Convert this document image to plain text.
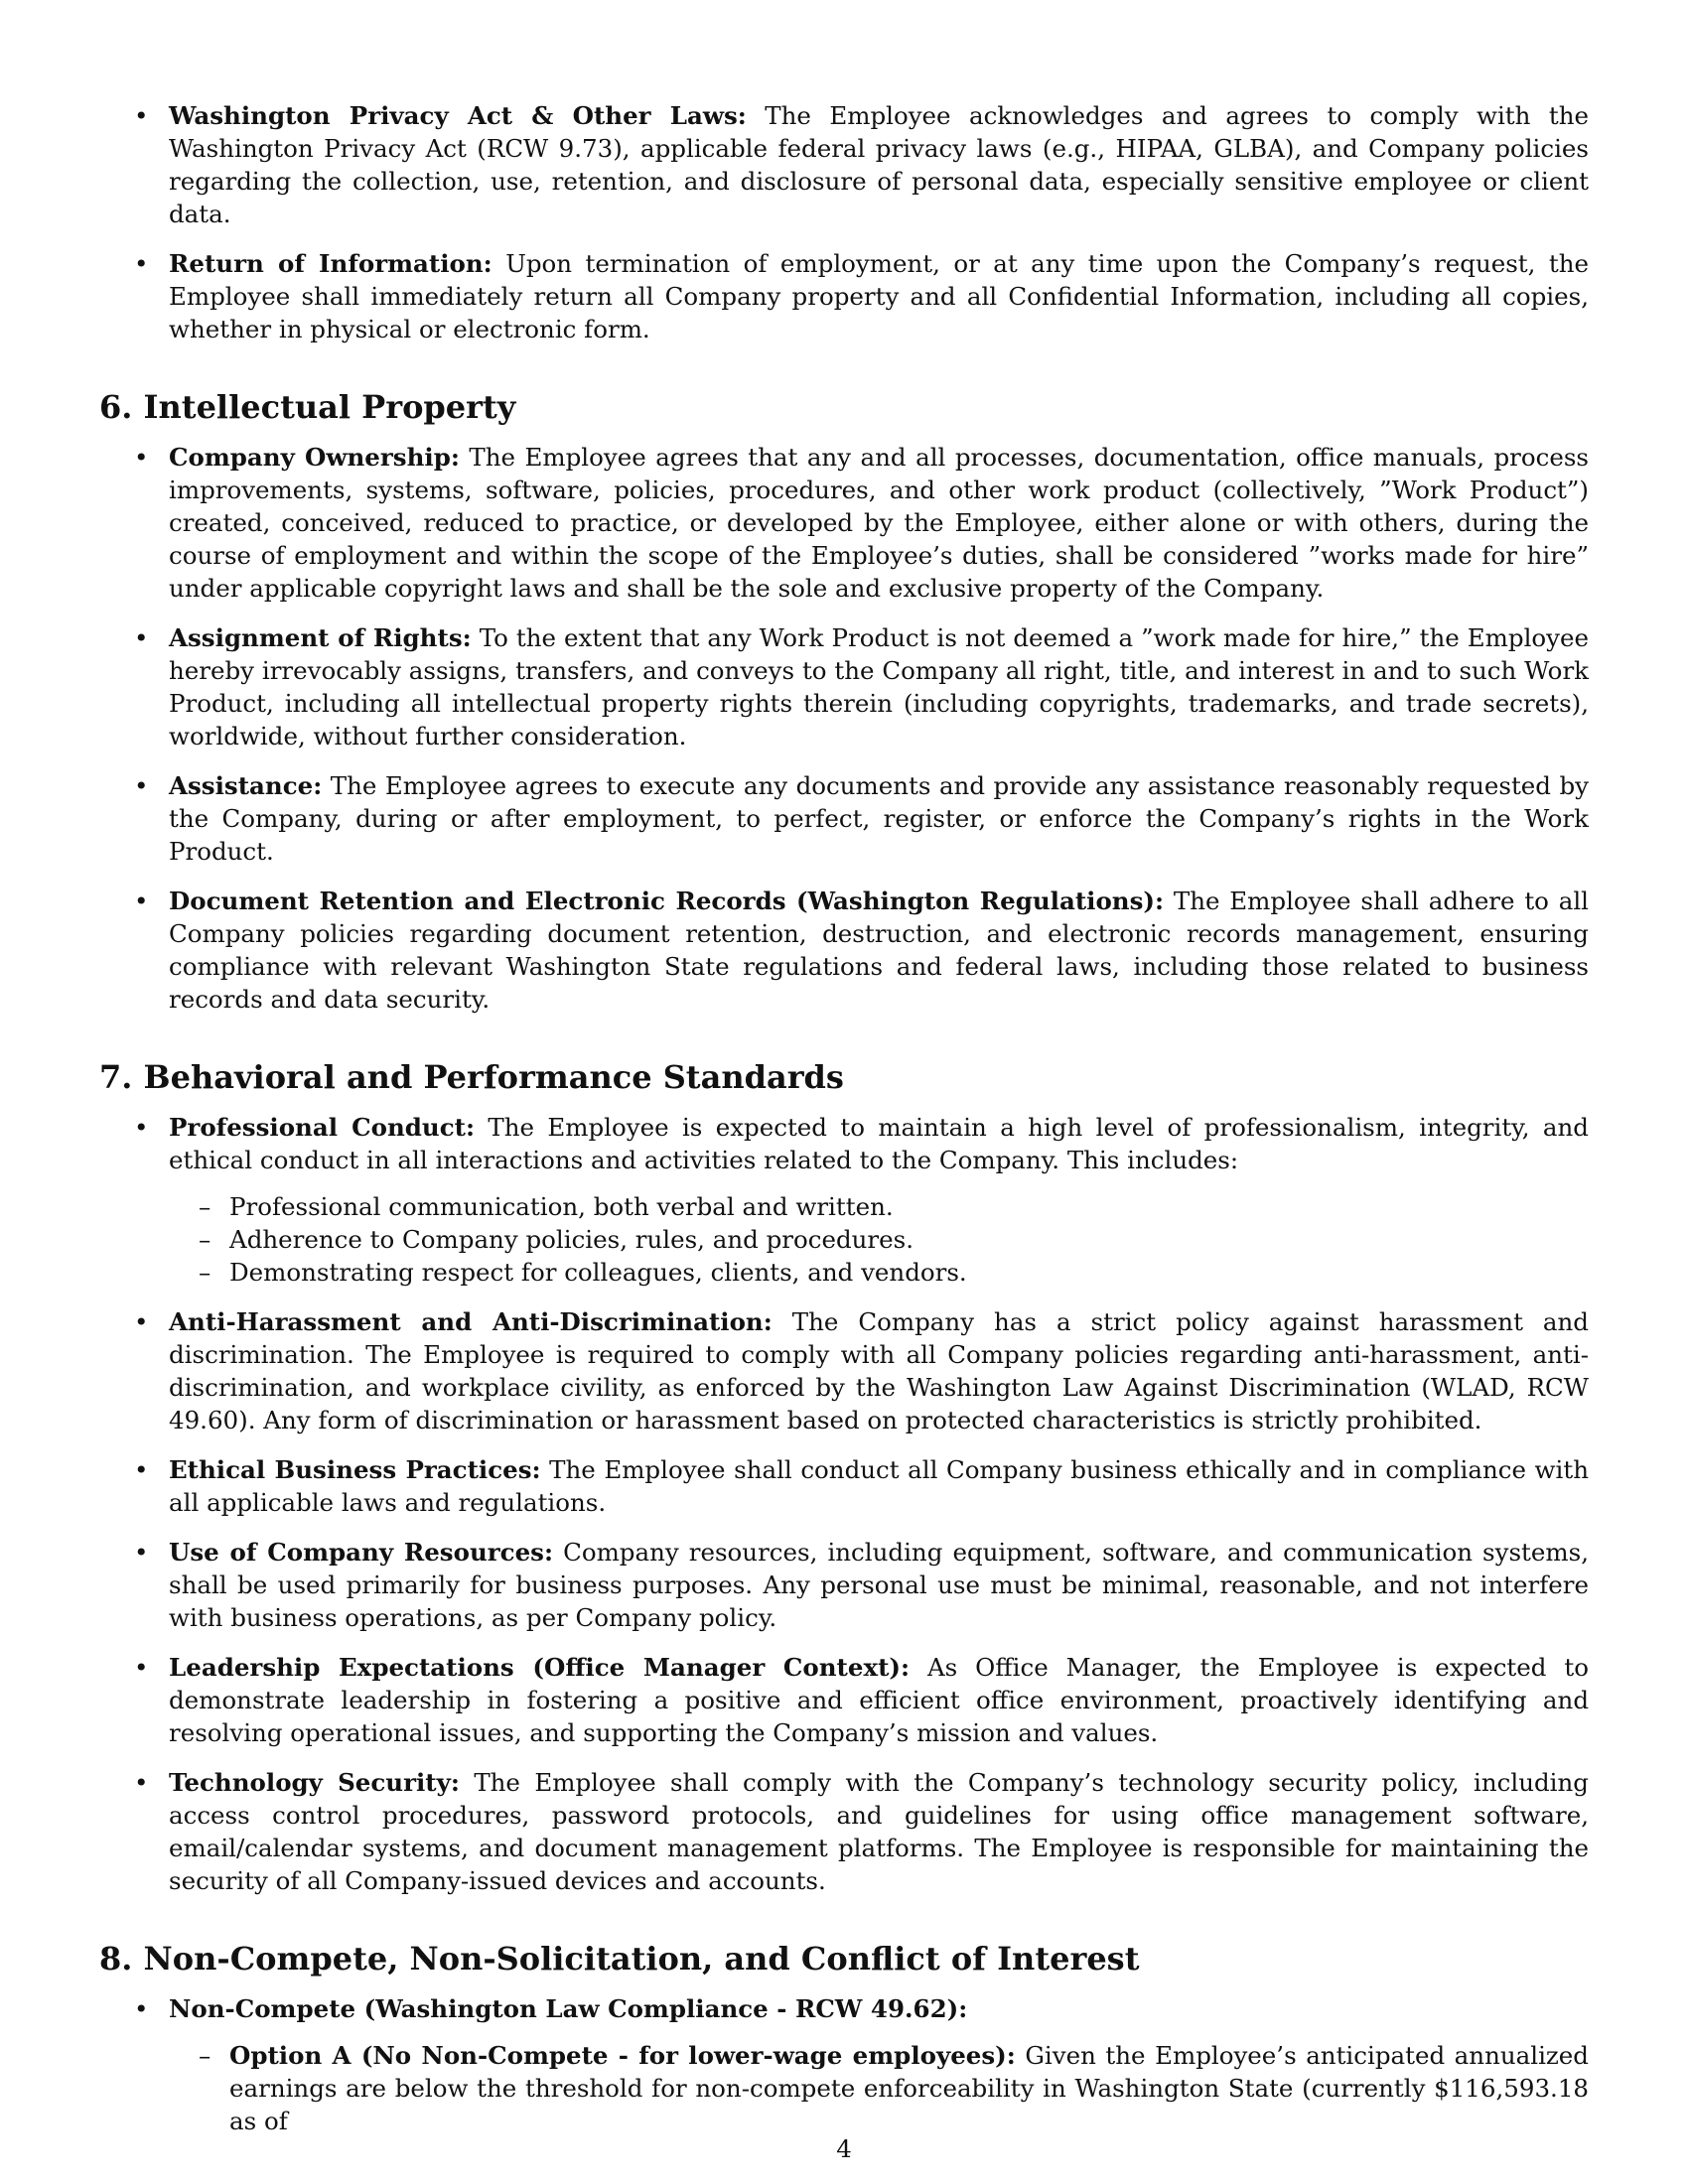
• Washington Privacy Act & Other Laws: The Employee acknowledges and agrees to comply with the Washington Privacy Act (RCW 9.73), applicable federal privacy laws (e.g., HIPAA, GLBA), and Company policies regarding the collection, use, retention, and disclosure of personal data, especially sensitive employee or client data.
• Return of Information: Upon termination of employment, or at any time upon the Company’s request, the Employee shall immediately return all Company property and all Confidential Information, including all copies, whether in physical or electronic form.
6. Intellectual Property
• Company Ownership: The Employee agrees that any and all processes, documentation, office manuals, process improvements, systems, software, policies, procedures, and other work product (collectively, ”Work Product”) created, conceived, reduced to practice, or developed by the Employee, either alone or with others, during the course of employment and within the scope of the Employee’s duties, shall be considered ”works made for hire” under applicable copyright laws and shall be the sole and exclusive property of the Company.
• Assignment of Rights: To the extent that any Work Product is not deemed a ”work made for hire,” the Employee hereby irrevocably assigns, transfers, and conveys to the Company all right, title, and interest in and to such Work Product, including all intellectual property rights therein (including copyrights, trademarks, and trade secrets), worldwide, without further consideration.
• Assistance: The Employee agrees to execute any documents and provide any assistance reasonably requested by the Company, during or after employment, to perfect, register, or enforce the Company’s rights in the Work Product.
• Document Retention and Electronic Records (Washington Regulations): The Employee shall adhere to all Company policies regarding document retention, destruction, and electronic records management, ensuring compliance with relevant Washington State regulations and federal laws, including those related to business records and data security.
7. Behavioral and Performance Standards
• Professional Conduct: The Employee is expected to maintain a high level of professionalism, integrity, and ethical conduct in all interactions and activities related to the Company. This includes:
– Professional communication, both verbal and written.
– Adherence to Company policies, rules, and procedures.
– Demonstrating respect for colleagues, clients, and vendors.
• Anti-Harassment and Anti-Discrimination: The Company has a strict policy against harassment and discrimination. The Employee is required to comply with all Company policies regarding anti-harassment, anti-discrimination, and workplace civility, as enforced by the Washington Law Against Discrimination (WLAD, RCW 49.60). Any form of discrimination or harassment based on protected characteristics is strictly prohibited.
• Ethical Business Practices: The Employee shall conduct all Company business ethically and in compliance with all applicable laws and regulations.
• Use of Company Resources: Company resources, including equipment, software, and communication systems, shall be used primarily for business purposes. Any personal use must be minimal, reasonable, and not interfere with business operations, as per Company policy.
• Leadership Expectations (Office Manager Context): As Office Manager, the Employee is expected to demonstrate leadership in fostering a positive and efficient office environment, proactively identifying and resolving operational issues, and supporting the Company’s mission and values.
• Technology Security: The Employee shall comply with the Company’s technology security policy, including access control procedures, password protocols, and guidelines for using office management software, email/calendar systems, and document management platforms. The Employee is responsible for maintaining the security of all Company-issued devices and accounts.
8. Non-Compete, Non-Solicitation, and Conflict of Interest
• Non-Compete (Washington Law Compliance - RCW 49.62):
– Option A (No Non-Compete - for lower-wage employees): Given the Employee’s anticipated annualized earnings are below the threshold for non-compete enforceability in Washington State (currently $116,593.18 as of
4
